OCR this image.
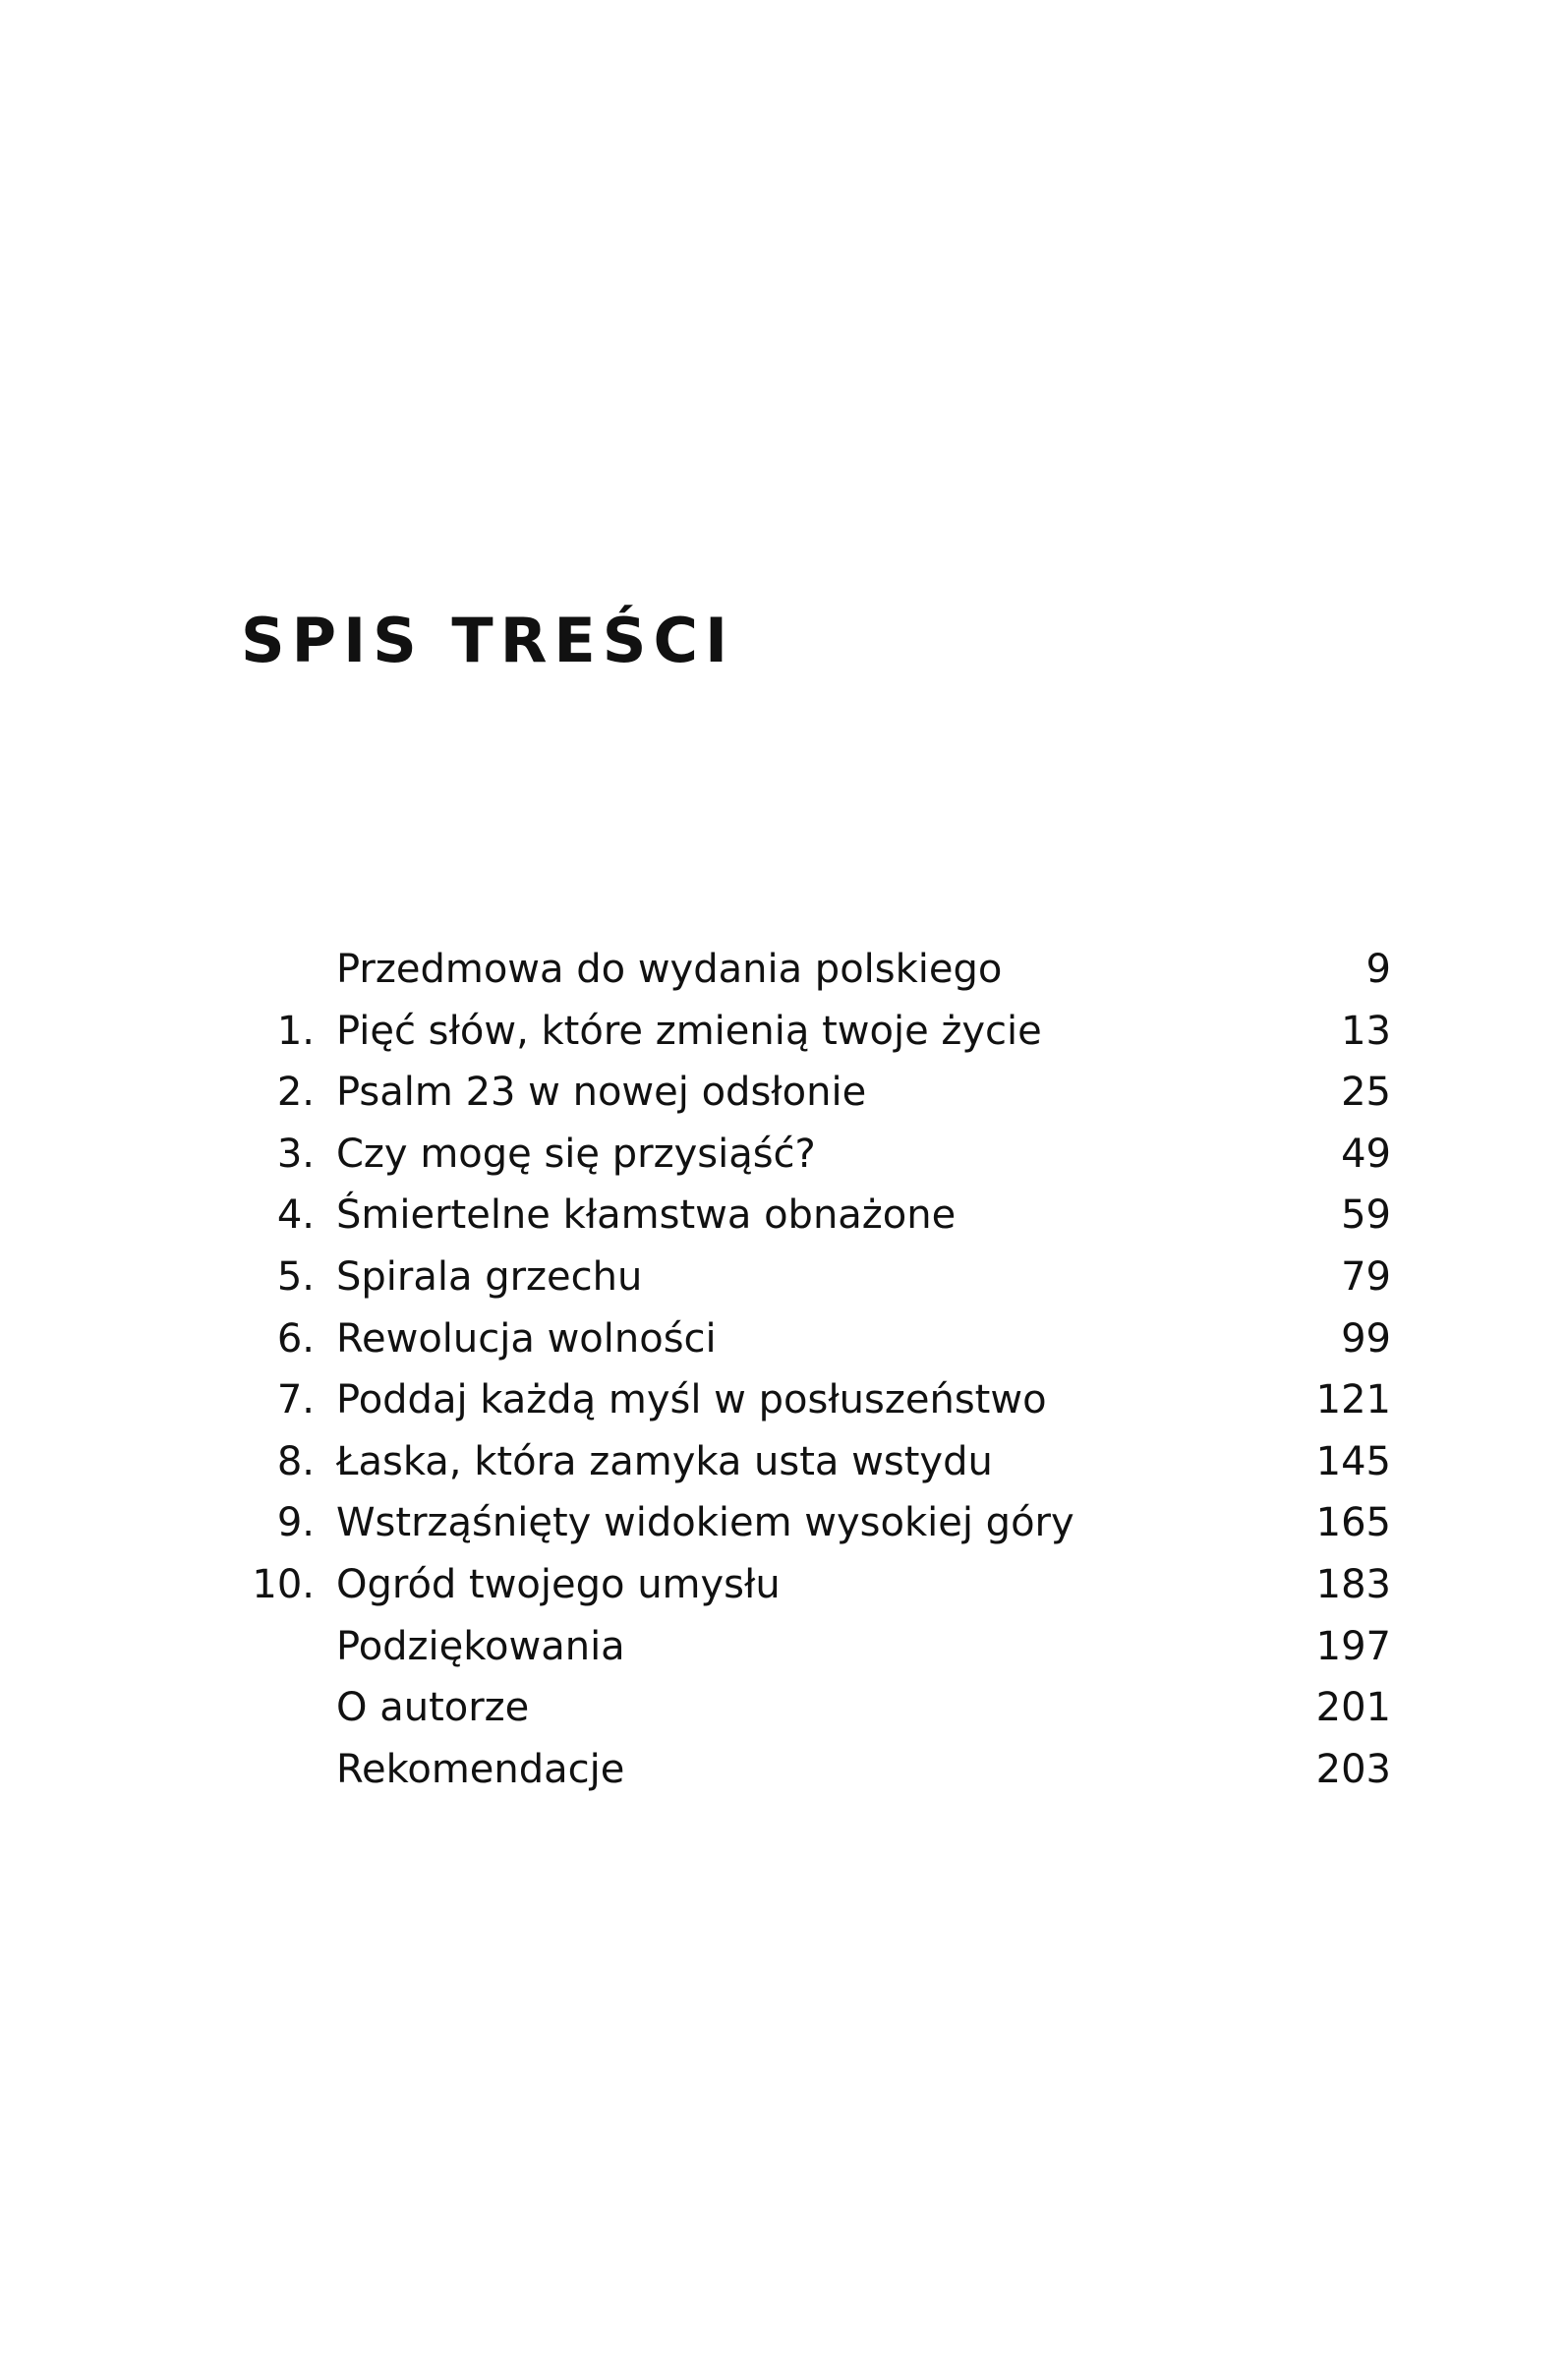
SPIS TREŚCI
Przedmowa do wydania polskiego	9
1. Pięć słów, które zmienią twoje życie	13
2. Psalm 23 w nowej odsłonie	25
3. Czy mogę się przysiąść?	49
4. Śmiertelne kłamstwa obnażone	59
5. Spirala grzechu	79
6. Rewolucja wolności	99
7. Poddaj każdą myśl w posłuszeństwo	121
8. Łaska, która zamyka usta wstydu	145
9. Wstrząśnięty widokiem wysokiej góry	165
10. Ogród twojego umysłu	183
Podziękowania	197
O autorze	201
Rekomendacje	203
